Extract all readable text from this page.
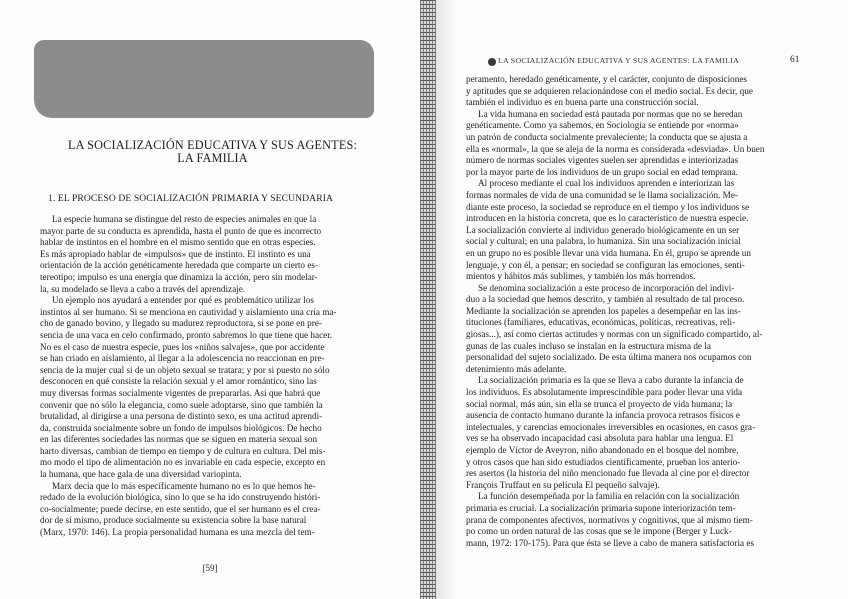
LA SOCIALIZACIÓN EDUCATIVA Y SUS AGENTES:
LA FAMILIA
1. EL PROCESO DE SOCIALIZACIÓN PRIMARIA Y SECUNDARIA
La especie humana se distingue del resto de especies animales en que la
mayor parte de su conducta es aprendida, hasta el punto de que es incorrecto
hablar de instintos en el hombre en el mismo sentido que en otras especies.
Es más apropiado hablar de «impulsos» que de instinto. El instinto es una
orientación de la acción genéticamente heredada que comparte un cierto es-
tereotipo; impulso es una energía que dinamiza la acción, pero sin modelar-
la, su modelado se lleva a cabo a través del aprendizaje.
Un ejemplo nos ayudará a entender por qué es problemático utilizar los
instintos al ser humano. Si se menciona en cautividad y aislamiento una cría ma-
cho de ganado bovino, y llegado su madurez reproductora, si se pone en pre-
sencia de una vaca en celo confirmado, pronto sabremos lo que tiene que hacer.
No es el caso de nuestra especie, pues los «niños salvajes», que por accidente
se han criado en aislamiento, al llegar a la adolescencia no reaccionan en pre-
sencia de la mujer cual si de un objeto sexual se tratara; y por si puesto no sólo
desconocen en qué consiste la relación sexual y el amor romántico, sino las
muy diversas formas socialmente vigentes de prepararlas. Así que habrá que
convenir que no sólo la elegancia, como suele adoptarse, sino que también la
brutalidad, al dirigirse a una persona de distinto sexo, es una actitud aprendi-
da, construida socialmente sobre un fondo de impulsos biológicos. De hecho
en las diferentes sociedades las normas que se siguen en materia sexual son
harto diversas, cambian de tiempo en tiempo y de cultura en cultura. Del mis-
mo modo el tipo de alimentación no es invariable en cada especie, excepto en
la humana, que hace gala de una diversidad variopinta.
Marx decía que lo más específicamente humano no es lo que hemos he-
redado de la evolución biológica, sino lo que se ha ido construyendo históri-
co-socialmente; puede decirse, en este sentido, que el ser humano es el crea-
dor de sí mismo, produce socialmente su existencia sobre la base natural
(Marx, 1970: 146). La propia personalidad humana es una mezcla del tem-
[59]
LA SOCIALIZACIÓN EDUCATIVA Y SUS AGENTES: LA FAMILIA	61
peramento, heredado genéticamente, y el carácter, conjunto de disposiciones
y aptitudes que se adquieren relacionándose con el medio social. Es decir, que
también el individuo es en buena parte una construcción social.
La vida humana en sociedad está pautada por normas que no se heredan
genéticamente. Como ya sabemos, en Sociología se entiende por «norma»
un patrón de conducta socialmente prevaleciente; la conducta que se ajusta a
ella es «normal», la que se aleja de la norma es considerada «desviada». Un buen
número de normas sociales vigentes suelen ser aprendidas e interiorizadas
por la mayor parte de los individuos de un grupo social en edad temprana.
Al proceso mediante el cual los individuos aprenden e interiorizan las
formas normales de vida de una comunidad se le llama socialización. Me-
diante este proceso, la sociedad se reproduce en el tiempo y los individuos se
introducen en la historia concreta, que es lo característico de nuestra especie.
La socialización convierte al individuo generado biológicamente en un ser
social y cultural; en una palabra, lo humaniza. Sin una socialización inicial
en un grupo no es posible llevar una vida humana. En él, grupo se aprende un
lenguaje, y con él, a pensar; en sociedad se configuran las emociones, senti-
mientos y hábitos más sublimes, y también los más horrendos.
Se denomina socialización a este proceso de incorporación del indivi-
duo a la sociedad que hemos descrito, y también al resultado de tal proceso.
Mediante la socialización se aprenden los papeles a desempeñar en las ins-
tituciones (familiares, educativas, económicas, políticas, recreativas, reli-
giosas...), así como ciertas actitudes y normas con un significado compartido, al-
gunas de las cuales incluso se instalan en la estructura misma de la
personalidad del sujeto socializado. De esta última manera nos ocupamos con
detenimiento más adelante.
La socialización primaria es la que se lleva a cabo durante la infancia de
los individuos. Es absolutamente imprescindible para poder llevar una vida
social normal, más aún, sin ella se trunca el proyecto de vida humana; la
ausencia de contacto humano durante la infancia provoca retrasos físicos e
intelectuales, y carencias emocionales irreversibles en ocasiones, en casos gra-
ves se ha observado incapacidad casi absoluta para hablar una lengua. El
ejemplo de Víctor de Aveyron, niño abandonado en el bosque del nombre,
y otros casos que han sido estudiados científicamente, prueban los anterio-
res asertos (la historia del niño mencionado fue llevada al cine por el director
François Truffaut en su película El pequeño salvaje).
La función desempeñada por la familia en relación con la socialización
primaria es crucial. La socialización primaria supone interiorización tem-
prana de componentes afectivos, normativos y cognitivos, que al mismo tiem-
po como un orden natural de las cosas que se le impone (Berger y Luck-
mann, 1972: 170-175). Para que ésta se lleve a cabo de manera satisfactoria es
